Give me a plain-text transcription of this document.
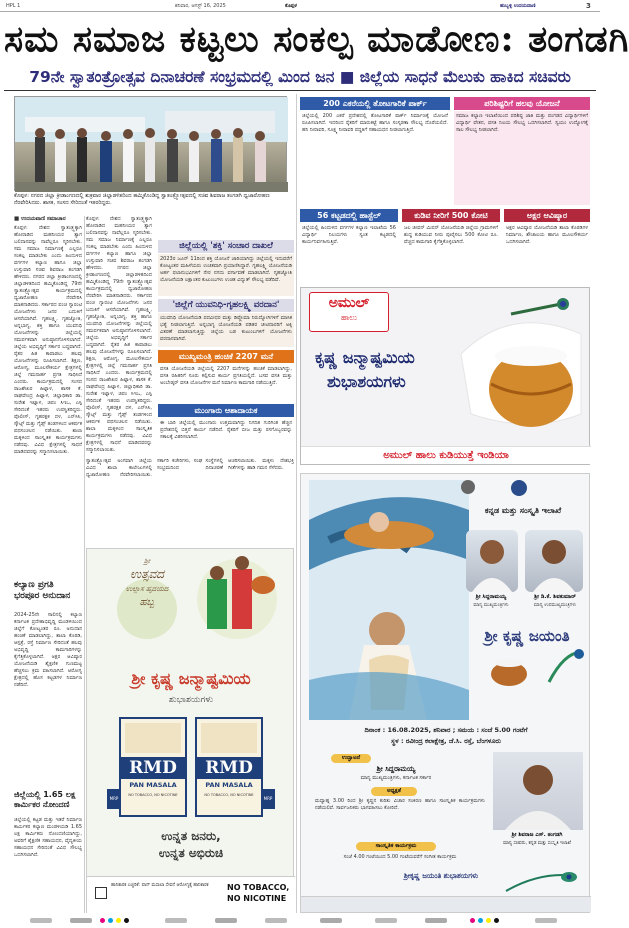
HPL 1	ಶನಿವಾರ, ಆಗಸ್ಟ್ 16, 2025	ಕೊಪ್ಪಳ	ಹುಬ್ಬಳ್ಳಿ ಉದಯವಾಣಿ	3
ಸಮ ಸಮಾಜ ಕಟ್ಟಲು ಸಂಕಲ್ಪ ಮಾಡೋಣ: ತಂಗಡಗಿ
79ನೇ ಸ್ವಾತಂತ್ರೋತ್ಸವ ದಿನಾಚರಣೆ ಸಂಭ್ರಮದಲ್ಲಿ ಮಿಂದ ಜನ ■ ಜಿಲ್ಲೆಯ ಸಾಧನೆ ಮೆಲುಕು ಹಾಕಿದ ಸಚಿವರು
ಕೊಪ್ಪಳ: ನಗರದ ಜಿಲ್ಲಾ ಕ್ರೀಡಾಂಗಣದಲ್ಲಿ ಶುಕ್ರವಾರ ಜಿಲ್ಲಾಡಳಿತದಿಂದ ಹಮ್ಮಿಕೊಂಡಿದ್ದ ಸ್ವಾತಂತ್ರ್ಯೋತ್ಸವದಲ್ಲಿ ಸಚಿವ ಶಿವರಾಜ ತಂಗಡಗಿ ಧ್ವಜಾರೋಹಣ ನೆರವೇರಿಸಿದರು. ಶಾಸಕ, ಸಂಸದ ಸೇರಿದಂತೆ ಇತರರಿದ್ದರು.
■ ಉದಯವಾಣಿ ಸಮಾಚಾರ
ಕೊಪ್ಪಳ: ದೇಶದ ಸ್ವಾತಂತ್ರ್ಯಕ್ಕಾಗಿ ಹೋರಾಡಿದ ಮಹನೀಯರ ತ್ಯಾಗ ಬಲಿದಾನವನ್ನು ನಾವೆಲ್ಲರೂ ಸ್ಮರಿಸಬೇಕು. ಸಮ ಸಮಾಜ ನಿರ್ಮಾಣಕ್ಕೆ ಎಲ್ಲರೂ ಸಂಕಲ್ಪ ಮಾಡಬೇಕು ಎಂದು ಹಿಂದುಳಿದ ವರ್ಗಗಳ ಕಲ್ಯಾಣ ಹಾಗೂ ಜಿಲ್ಲಾ ಉಸ್ತುವಾರಿ ಸಚಿವ ಶಿವರಾಜ ತಂಗಡಗಿ ಹೇಳಿದರು. ನಗರದ ಜಿಲ್ಲಾ ಕ್ರೀಡಾಂಗಣದಲ್ಲಿ ಜಿಲ್ಲಾಡಳಿತದಿಂದ ಹಮ್ಮಿಕೊಂಡಿದ್ದ 79ನೇ ಸ್ವಾತಂತ್ರ್ಯೋತ್ಸವ ಕಾರ್ಯಕ್ರಮದಲ್ಲಿ ಧ್ವಜಾರೋಹಣ ನೆರವೇರಿಸಿ ಮಾತನಾಡಿದರು. ಸರ್ಕಾರದ ಪಂಚ ಗ್ಯಾರಂಟಿ ಯೋಜನೆಗಳು ಜನರ ಬದುಕಿಗೆ ಆಸರೆಯಾಗಿವೆ. ಗೃಹಲಕ್ಷ್ಮಿ, ಗೃಹಜ್ಯೋತಿ, ಅನ್ನಭಾಗ್ಯ, ಶಕ್ತಿ ಹಾಗೂ ಯುವನಿಧಿ ಯೋಜನೆಗಳನ್ನು ಜಿಲ್ಲೆಯಲ್ಲಿ ಸಮರ್ಪಕವಾಗಿ ಅನುಷ್ಠಾನಗೊಳಿಸಲಾಗಿದೆ. ಜಿಲ್ಲೆಯ ಅಭಿವೃದ್ಧಿಗೆ ಸರ್ಕಾರ ಬದ್ಧವಾಗಿದೆ. ರೈತರ ಹಿತ ಕಾಪಾಡಲು ಹಲವು ಯೋಜನೆಗಳನ್ನು ರೂಪಿಸಲಾಗಿದೆ. ಶಿಕ್ಷಣ, ಆರೋಗ್ಯ, ಮೂಲಸೌಕರ್ಯ ಕ್ಷೇತ್ರಗಳಲ್ಲಿ ಜಿಲ್ಲೆ ಗಮನಾರ್ಹ ಪ್ರಗತಿ ಸಾಧಿಸಿದೆ ಎಂದರು. ಕಾರ್ಯಕ್ರಮದಲ್ಲಿ ಸಂಸದ ರಾಜಶೇಖರ ಹಿಟ್ನಾಳ, ಶಾಸಕ ಕೆ. ರಾಘವೇಂದ್ರ ಹಿಟ್ನಾಳ, ಜಿಲ್ಲಾಧಿಕಾರಿ ಡಾ. ಸುರೇಶ ಇಟ್ನಾಳ, ಜಿಪಂ ಸಿಇಒ, ಎಸ್ಪಿ ಸೇರಿದಂತೆ ಇತರರು ಉಪಸ್ಥಿತರಿದ್ದರು. ಪೊಲೀಸ್, ಗೃಹರಕ್ಷಕ ದಳ, ಎನ್‌ಸಿಸಿ, ಸ್ಕೌಟ್ಸ್ ಮತ್ತು ಗೈಡ್ಸ್ ತಂಡಗಳಿಂದ ಆಕರ್ಷಕ ಪಥಸಂಚಲನ ನಡೆಯಿತು. ಶಾಲಾ ಮಕ್ಕಳಿಂದ ಸಾಂಸ್ಕೃತಿಕ ಕಾರ್ಯಕ್ರಮಗಳು ನಡೆದವು. ವಿವಿಧ ಕ್ಷೇತ್ರಗಳಲ್ಲಿ ಸಾಧನೆ ಮಾಡಿದವರನ್ನು ಸನ್ಮಾನಿಸಲಾಯಿತು.
ಕೊಪ್ಪಳ: ದೇಶದ ಸ್ವಾತಂತ್ರ್ಯಕ್ಕಾಗಿ ಹೋರಾಡಿದ ಮಹನೀಯರ ತ್ಯಾಗ ಬಲಿದಾನವನ್ನು ನಾವೆಲ್ಲರೂ ಸ್ಮರಿಸಬೇಕು. ಸಮ ಸಮಾಜ ನಿರ್ಮಾಣಕ್ಕೆ ಎಲ್ಲರೂ ಸಂಕಲ್ಪ ಮಾಡಬೇಕು ಎಂದು ಹಿಂದುಳಿದ ವರ್ಗಗಳ ಕಲ್ಯಾಣ ಹಾಗೂ ಜಿಲ್ಲಾ ಉಸ್ತುವಾರಿ ಸಚಿವ ಶಿವರಾಜ ತಂಗಡಗಿ ಹೇಳಿದರು. ನಗರದ ಜಿಲ್ಲಾ ಕ್ರೀಡಾಂಗಣದಲ್ಲಿ ಜಿಲ್ಲಾಡಳಿತದಿಂದ ಹಮ್ಮಿಕೊಂಡಿದ್ದ 79ನೇ ಸ್ವಾತಂತ್ರ್ಯೋತ್ಸವ ಕಾರ್ಯಕ್ರಮದಲ್ಲಿ ಧ್ವಜಾರೋಹಣ ನೆರವೇರಿಸಿ ಮಾತನಾಡಿದರು. ಸರ್ಕಾರದ ಪಂಚ ಗ್ಯಾರಂಟಿ ಯೋಜನೆಗಳು ಜನರ ಬದುಕಿಗೆ ಆಸರೆಯಾಗಿವೆ. ಗೃಹಲಕ್ಷ್ಮಿ, ಗೃಹಜ್ಯೋತಿ, ಅನ್ನಭಾಗ್ಯ, ಶಕ್ತಿ ಹಾಗೂ ಯುವನಿಧಿ ಯೋಜನೆಗಳನ್ನು ಜಿಲ್ಲೆಯಲ್ಲಿ ಸಮರ್ಪಕವಾಗಿ ಅನುಷ್ಠಾನಗೊಳಿಸಲಾಗಿದೆ. ಜಿಲ್ಲೆಯ ಅಭಿವೃದ್ಧಿಗೆ ಸರ್ಕಾರ ಬದ್ಧವಾಗಿದೆ. ರೈತರ ಹಿತ ಕಾಪಾಡಲು ಹಲವು ಯೋಜನೆಗಳನ್ನು ರೂಪಿಸಲಾಗಿದೆ. ಶಿಕ್ಷಣ, ಆರೋಗ್ಯ, ಮೂಲಸೌಕರ್ಯ ಕ್ಷೇತ್ರಗಳಲ್ಲಿ ಜಿಲ್ಲೆ ಗಮನಾರ್ಹ ಪ್ರಗತಿ ಸಾಧಿಸಿದೆ ಎಂದರು. ಕಾರ್ಯಕ್ರಮದಲ್ಲಿ ಸಂಸದ ರಾಜಶೇಖರ ಹಿಟ್ನಾಳ, ಶಾಸಕ ಕೆ. ರಾಘವೇಂದ್ರ ಹಿಟ್ನಾಳ, ಜಿಲ್ಲಾಧಿಕಾರಿ ಡಾ. ಸುರೇಶ ಇಟ್ನಾಳ, ಜಿಪಂ ಸಿಇಒ, ಎಸ್ಪಿ ಸೇರಿದಂತೆ ಇತರರು ಉಪಸ್ಥಿತರಿದ್ದರು. ಪೊಲೀಸ್, ಗೃಹರಕ್ಷಕ ದಳ, ಎನ್‌ಸಿಸಿ, ಸ್ಕೌಟ್ಸ್ ಮತ್ತು ಗೈಡ್ಸ್ ತಂಡಗಳಿಂದ ಆಕರ್ಷಕ ಪಥಸಂಚಲನ ನಡೆಯಿತು. ಶಾಲಾ ಮಕ್ಕಳಿಂದ ಸಾಂಸ್ಕೃತಿಕ ಕಾರ್ಯಕ್ರಮಗಳು ನಡೆದವು. ವಿವಿಧ ಕ್ಷೇತ್ರಗಳಲ್ಲಿ ಸಾಧನೆ ಮಾಡಿದವರನ್ನು ಸನ್ಮಾನಿಸಲಾಯಿತು.
ಕಲ್ಯಾಣ ಪ್ರಗತಿ ಭರಪೂರ ಅನುದಾನ
2024-25ನೇ ಸಾಲಿನಲ್ಲಿ ಕಲ್ಯಾಣ ಕರ್ನಾಟಕ ಪ್ರದೇಶಾಭಿವೃದ್ಧಿ ಮಂಡಳಿಯಿಂದ ಜಿಲ್ಲೆಗೆ ಕೋಟ್ಯಂತರ ರೂ. ಅನುದಾನ ಹಂಚಿಕೆ ಮಾಡಲಾಗಿದ್ದು, ಶಾಲಾ ಕೊಠಡಿ, ಆಸ್ಪತ್ರೆ, ರಸ್ತೆ ನಿರ್ಮಾಣ ಸೇರಿದಂತೆ ಹಲವು ಅಭಿವೃದ್ಧಿ ಕಾಮಗಾರಿಗಳನ್ನು ಕೈಗೆತ್ತಿಕೊಳ್ಳಲಾಗಿದೆ. ಅಕ್ಷರ ಆವಿಷ್ಕಾರ ಯೋಜನೆಯಡಿ ಶೈಕ್ಷಣಿಕ ಗುಣಮಟ್ಟ ಹೆಚ್ಚಿಸಲು ಕ್ರಮ ವಹಿಸಲಾಗಿದೆ. ಆರೋಗ್ಯ ಕ್ಷೇತ್ರದಲ್ಲಿ ಹೊಸ ಕಟ್ಟಡಗಳ ನಿರ್ಮಾಣ ನಡೆದಿದೆ.
ಜಿಲ್ಲೆಯಲ್ಲಿ 1.65 ಲಕ್ಷ ಕಾರ್ಮಿಕರ ನೋಂದಣಿ
ಜಿಲ್ಲೆಯಲ್ಲಿ ಕಟ್ಟಡ ಮತ್ತು ಇತರೆ ನಿರ್ಮಾಣ ಕಾರ್ಮಿಕರ ಕಲ್ಯಾಣ ಮಂಡಳಿಯಡಿ 1.65 ಲಕ್ಷ ಕಾರ್ಮಿಕರು ನೋಂದಣಿಯಾಗಿದ್ದು, ಅವರಿಗೆ ಶೈಕ್ಷಣಿಕ ಸಹಾಯಧನ, ವೈದ್ಯಕೀಯ ಸಹಾಯಧನ ಸೇರಿದಂತೆ ವಿವಿಧ ಸೌಲಭ್ಯ ಒದಗಿಸಲಾಗಿದೆ.
ಜಿಲ್ಲೆಯಲ್ಲಿ 'ಶಕ್ತಿ' ಸಂಚಾರ ದಾಖಲೆ
2023ರ ಜೂನ್ 11ರಿಂದ ಶಕ್ತಿ ಯೋಜನೆ ಜಾರಿಯಾಗಿದ್ದು ಜಿಲ್ಲೆಯಲ್ಲಿ ಇದುವರೆಗೆ ಕೋಟ್ಯಂತರ ಮಹಿಳೆಯರು ಉಚಿತವಾಗಿ ಪ್ರಯಾಣಿಸಿದ್ದಾರೆ. ಗೃಹಲಕ್ಷ್ಮಿ ಯೋಜನೆಯಡಿ ಅರ್ಹ ಫಲಾನುಭವಿಗಳಿಗೆ ನೇರ ನಗದು ವರ್ಗಾವಣೆ ಮಾಡಲಾಗಿದೆ. ಗೃಹಜ್ಯೋತಿ ಯೋಜನೆಯಡಿ ಲಕ್ಷಾಂತರ ಕುಟುಂಬಗಳು ಉಚಿತ ವಿದ್ಯುತ್ ಸೌಲಭ್ಯ ಪಡೆದಿವೆ.
'ಜಿಲ್ಲೆಗೆ ಯುವನಿಧಿ-ಗೃಹಲಕ್ಷ್ಮಿ ವರದಾನ'
ಯುವನಿಧಿ ಯೋಜನೆಯಡಿ ಪದವೀಧರ ಮತ್ತು ಡಿಪ್ಲೊಮಾ ನಿರುದ್ಯೋಗಿಗಳಿಗೆ ಮಾಸಿಕ ಭತ್ಯೆ ನೀಡಲಾಗುತ್ತಿದೆ. ಅನ್ನಭಾಗ್ಯ ಯೋಜನೆಯಡಿ ಪಡಿತರ ಚೀಟಿದಾರರಿಗೆ ಅಕ್ಕಿ ವಿತರಣೆ ಮಾಡಲಾಗುತ್ತಿದ್ದು ಜಿಲ್ಲೆಯ ಬಡ ಕುಟುಂಬಗಳಿಗೆ ಯೋಜನೆಗಳು ವರದಾನವಾಗಿವೆ.
ಮುಖ್ಯಮಂತ್ರಿ ಹಂಚಿಕೆ 2207 ಮನೆ
ವಸತಿ ಯೋಜನೆಯಡಿ ಜಿಲ್ಲೆಯಲ್ಲಿ 2207 ಮನೆಗಳನ್ನು ಹಂಚಿಕೆ ಮಾಡಲಾಗಿದ್ದು, ವಸತಿ ರಹಿತರಿಗೆ ಸೂರು ಕಲ್ಪಿಸುವ ಕಾರ್ಯ ಪ್ರಗತಿಯಲ್ಲಿದೆ. ಬಸವ ವಸತಿ ಮತ್ತು ಅಂಬೇಡ್ಕರ್ ವಸತಿ ಯೋಜನೆಗಳ ಮನೆ ನಿರ್ಮಾಣ ಕಾಮಗಾರಿ ನಡೆಯುತ್ತಿದೆ.
ಮುಂಗಾರು ಆಶಾದಾಯಕ
ಈ ಬಾರಿ ಜಿಲ್ಲೆಯಲ್ಲಿ ಮುಂಗಾರು ಉತ್ತಮವಾಗಿದ್ದು ನಿಗದಿತ ಗುರಿಗಿಂತ ಹೆಚ್ಚಿನ ಪ್ರದೇಶದಲ್ಲಿ ಬಿತ್ತನೆ ಕಾರ್ಯ ನಡೆದಿದೆ. ರೈತರಿಗೆ ಬೀಜ ಮತ್ತು ರಸಗೊಬ್ಬರವನ್ನು ಸಕಾಲಕ್ಕೆ ವಿತರಿಸಲಾಗಿದೆ.
ಸ್ವಾತಂತ್ರ್ಯೋತ್ಸವ ಅಂಗವಾಗಿ ಜಿಲ್ಲೆಯ ವಿವಿಧ ಶಾಲಾ ಕಾಲೇಜುಗಳಲ್ಲಿ ಧ್ವಜಾರೋಹಣ ನೆರವೇರಿಸಲಾಯಿತು. ಸರ್ಕಾರಿ ಕಚೇರಿಗಳು, ಸಂಘ ಸಂಸ್ಥೆಗಳಲ್ಲಿ ಸಂಭ್ರಮದಿಂದ ದಿನಾಚರಣೆ ಆಚರಿಸಲಾಯಿತು. ಮಕ್ಕಳು ದೇಶಭಕ್ತಿ ಗೀತೆಗಳನ್ನು ಹಾಡಿ ಗಮನ ಸೆಳೆದರು.
200 ಎಕರೆಯಲ್ಲಿ ತೋಟಗಾರಿಕೆ ಪಾರ್ಕ್
ಜಿಲ್ಲೆಯಲ್ಲಿ 200 ಎಕರೆ ಪ್ರದೇಶದಲ್ಲಿ ತೋಟಗಾರಿಕೆ ಪಾರ್ಕ್ ನಿರ್ಮಾಣಕ್ಕೆ ಯೋಜನೆ ರೂಪಿಸಲಾಗಿದೆ. ಇದರಿಂದ ರೈತರಿಗೆ ಮಾರುಕಟ್ಟೆ ಹಾಗೂ ಸಂಸ್ಕರಣಾ ಸೌಲಭ್ಯ ದೊರೆಯಲಿದೆ. ಹನಿ ನೀರಾವರಿ, ಸೂಕ್ಷ್ಮ ನೀರಾವರಿ ಪದ್ಧತಿಗೆ ಸಹಾಯಧನ ನೀಡಲಾಗುತ್ತಿದೆ.
ಪರಿಶಿಷ್ಟರಿಗೆ ಹಲವು ಯೋಜನೆ
ಸಮಾಜ ಕಲ್ಯಾಣ ಇಲಾಖೆಯಿಂದ ಪರಿಶಿಷ್ಟ ಜಾತಿ ಮತ್ತು ಪಂಗಡದ ವಿದ್ಯಾರ್ಥಿಗಳಿಗೆ ವಿದ್ಯಾರ್ಥಿ ವೇತನ, ವಸತಿ ನಿಲಯ ಸೌಲಭ್ಯ ಒದಗಿಸಲಾಗಿದೆ. ಸ್ವಯಂ ಉದ್ಯೋಗಕ್ಕೆ ಸಾಲ ಸೌಲಭ್ಯ ನೀಡಲಾಗಿದೆ.
56 ಕಟ್ಟಡದಲ್ಲಿ ಹಾಸ್ಟೆಲ್
ಜಿಲ್ಲೆಯಲ್ಲಿ ಹಿಂದುಳಿದ ವರ್ಗಗಳ ಕಲ್ಯಾಣ ಇಲಾಖೆಯ 56 ವಿದ್ಯಾರ್ಥಿ ನಿಲಯಗಳು ಸ್ವಂತ ಕಟ್ಟಡದಲ್ಲಿ ಕಾರ್ಯನಿರ್ವಹಿಸುತ್ತಿವೆ.
ಕುಡಿವ ನೀರಿಗೆ 500 ಕೋಟಿ
ಜಲ ಜೀವನ್ ಮಿಷನ್ ಯೋಜನೆಯಡಿ ಜಿಲ್ಲೆಯ ಗ್ರಾಮಗಳಿಗೆ ಶುದ್ಧ ಕುಡಿಯುವ ನೀರು ಪೂರೈಸಲು 500 ಕೋಟಿ ರೂ. ವೆಚ್ಚದ ಕಾಮಗಾರಿ ಕೈಗೆತ್ತಿಕೊಳ್ಳಲಾಗಿದೆ.
ಅಕ್ಷರ ಆವಿಷ್ಕಾರ
ಅಕ್ಷರ ಆವಿಷ್ಕಾರ ಯೋಜನೆಯಡಿ ಶಾಲಾ ಕೊಠಡಿಗಳ ನಿರ್ಮಾಣ, ಶೌಚಾಲಯ ಹಾಗೂ ಮೂಲಸೌಕರ್ಯ ಒದಗಿಸಲಾಗಿದೆ.
ಅಮುಲ್
ಹಾಲು
ಕೃಷ್ಣ ಜನ್ಮಾಷ್ಟಮಿಯ
ಶುಭಾಶಯಗಳು
ಅಮುಲ್ ಹಾಲು ಕುಡಿಯುತ್ತೆ ಇಂಡಿಯಾ
ಕನ್ನಡ ಮತ್ತು ಸಂಸ್ಕೃತಿ ಇಲಾಖೆ
ಶ್ರೀ ಸಿದ್ದರಾಮಯ್ಯ
ಮಾನ್ಯ ಮುಖ್ಯಮಂತ್ರಿಗಳು
ಶ್ರೀ ಡಿ.ಕೆ. ಶಿವಕುಮಾರ್
ಮಾನ್ಯ ಉಪಮುಖ್ಯಮಂತ್ರಿಗಳು
ಶ್ರೀ ಕೃಷ್ಣ ಜಯಂತಿ
ದಿನಾಂಕ : 16.08.2025, ಶನಿವಾರ ; ಸಮಯ : ಸಂಜೆ 5.00 ಗಂಟೆಗೆ
ಸ್ಥಳ : ರವೀಂದ್ರ ಕಲಾಕ್ಷೇತ್ರ, ಜೆ.ಸಿ. ರಸ್ತೆ, ಬೆಂಗಳೂರು
ಉದ್ಘಾಟನೆ
ಶ್ರೀ ಸಿದ್ದರಾಮಯ್ಯ
ಮಾನ್ಯ ಮುಖ್ಯಮಂತ್ರಿಗಳು, ಕರ್ನಾಟಕ ಸರ್ಕಾರ
ಅಧ್ಯಕ್ಷತೆ
ಮಧ್ಯಾಹ್ನ 3.00 ರಿಂದ ಶ್ರೀ ಕೃಷ್ಣನ ಕುರಿತು ವಿಚಾರ ಸಂಕಿರಣ ಹಾಗೂ ಸಾಂಸ್ಕೃತಿಕ ಕಾರ್ಯಕ್ರಮಗಳು ನಡೆಯಲಿವೆ. ಸಾರ್ವಜನಿಕರು ಭಾಗವಹಿಸಲು ಕೋರಿದೆ.
ಸಾಂಸ್ಕೃತಿಕ ಕಾರ್ಯಕ್ರಮ
ಸಂಜೆ 4.00 ಗಂಟೆಯಿಂದ 5.00 ಗಂಟೆಯವರೆಗೆ ಸಂಗೀತ ಕಾರ್ಯಕ್ರಮ
ಶ್ರೀ ಶಿವರಾಜ ಎಸ್. ತಂಗಡಗಿ
ಮಾನ್ಯ ಸಚಿವರು, ಕನ್ನಡ ಮತ್ತು ಸಂಸ್ಕೃತಿ ಇಲಾಖೆ
ಶ್ರೀಕೃಷ್ಣ ಜಯಂತಿ ಶುಭಾಶಯಗಳು
ಶ್ರೀ
ಉತ್ಸವದ
ಉಲ್ಲಾಸ ಹೃದಯದ
ಹಬ್ಬ
ಶ್ರೀ ಕೃಷ್ಣ ಜನ್ಮಾಷ್ಟಮಿಯ
ಶುಭಾಶಯಗಳು
RMD
PAN MASALA
NO TOBACCO, NO NICOTINE
MRP
RMD
PAN MASALA
NO TOBACCO, NO NICOTINE
MRP
ಉನ್ನತ ಜನರು,
ಉನ್ನತ ಅಭಿರುಚಿ
ಹಾನಿಕಾರಕ ಎಚ್ಚರಿಕೆ: ಪಾನ್ ಮಸಾಲಾ ಸೇವನೆ ಆರೋಗ್ಯಕ್ಕೆ ಹಾನಿಕಾರಕ	NO TOBACCO,
NO NICOTINE
